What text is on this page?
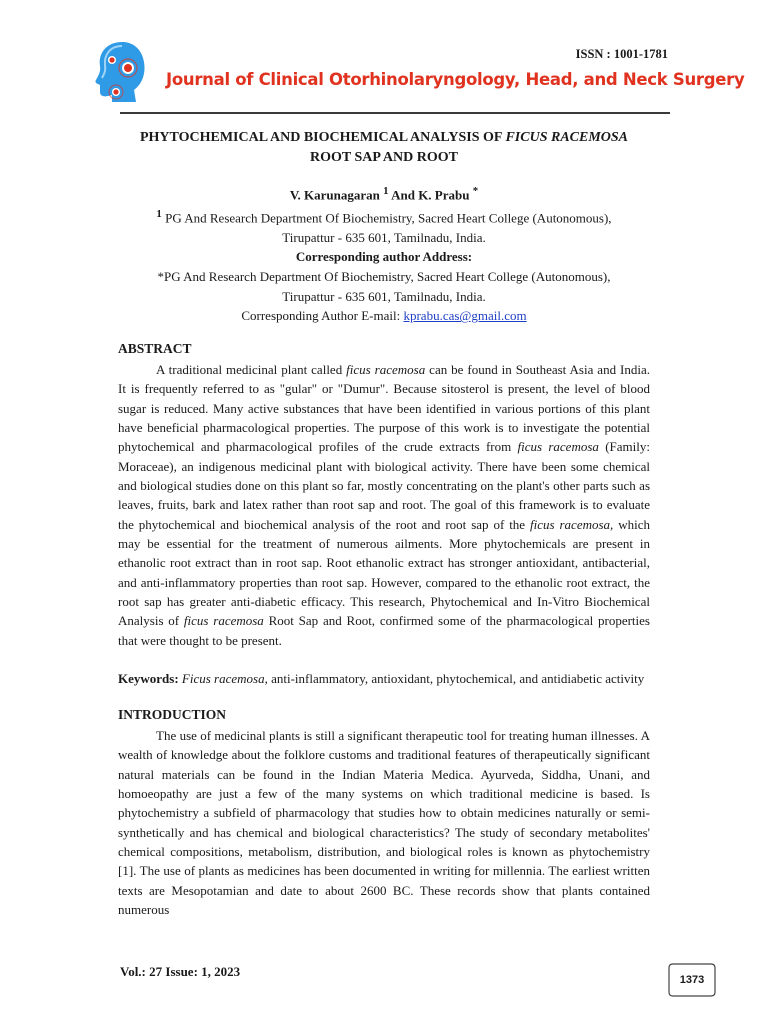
ISSN : 1001-1781
Journal of Clinical Otorhinolaryngology, Head, and Neck Surgery
PHYTOCHEMICAL AND BIOCHEMICAL ANALYSIS OF FICUS RACEMOSA
ROOT SAP AND ROOT
V. Karunagaran $^1$ And K. Prabu *
$^1$ PG And Research Department Of Biochemistry, Sacred Heart College (Autonomous),
Tirupattur - 635 601, Tamilnadu, India.
Corresponding author Address:
*PG And Research Department Of Biochemistry, Sacred Heart College (Autonomous),
Tirupattur - 635 601, Tamilnadu, India.
Corresponding Author E-mail: kprabu.cas@gmail.com
ABSTRACT

A traditional medicinal plant called ficus racemosa can be found in Southeast Asia and India. It is frequently referred to as "gular" or "Dumur". Because sitosterol is present, the level of blood sugar is reduced. Many active substances that have been identified in various portions of this plant have beneficial pharmacological properties. The purpose of this work is to investigate the potential phytochemical and pharmacological profiles of the crude extracts from ficus racemosa (Family: Moraceae), an indigenous medicinal plant with biological activity. There have been some chemical and biological studies done on this plant so far, mostly concentrating on the plant's other parts such as leaves, fruits, bark and latex rather than root sap and root. The goal of this framework is to evaluate the phytochemical and biochemical analysis of the root and root sap of the ficus racemosa, which may be essential for the treatment of numerous ailments. More phytochemicals are present in ethanolic root extract than in root sap. Root ethanolic extract has stronger antioxidant, antibacterial, and anti-inflammatory properties than root sap. However, compared to the ethanolic root extract, the root sap has greater anti-diabetic efficacy. This research, Phytochemical and In-Vitro Biochemical Analysis of ficus racemosa Root Sap and Root, confirmed some of the pharmacological properties that were thought to be present.

Keywords: Ficus racemosa, anti-inflammatory, antioxidant, phytochemical, and antidiabetic activity
INTRODUCTION

The use of medicinal plants is still a significant therapeutic tool for treating human illnesses. A wealth of knowledge about the folklore customs and traditional features of therapeutically significant natural materials can be found in the Indian Materia Medica. Ayurveda, Siddha, Unani, and homoeopathy are just a few of the many systems on which traditional medicine is based. Is phytochemistry a subfield of pharmacology that studies how to obtain medicines naturally or semi-synthetically and has chemical and biological characteristics? The study of secondary metabolites' chemical compositions, metabolism, distribution, and biological roles is known as phytochemistry [1]. The use of plants as medicines has been documented in writing for millennia. The earliest written texts are Mesopotamian and date to about 2600 BC. These records show that plants contained numerous

Vol.: 27 Issue: 1, 2023
1373
